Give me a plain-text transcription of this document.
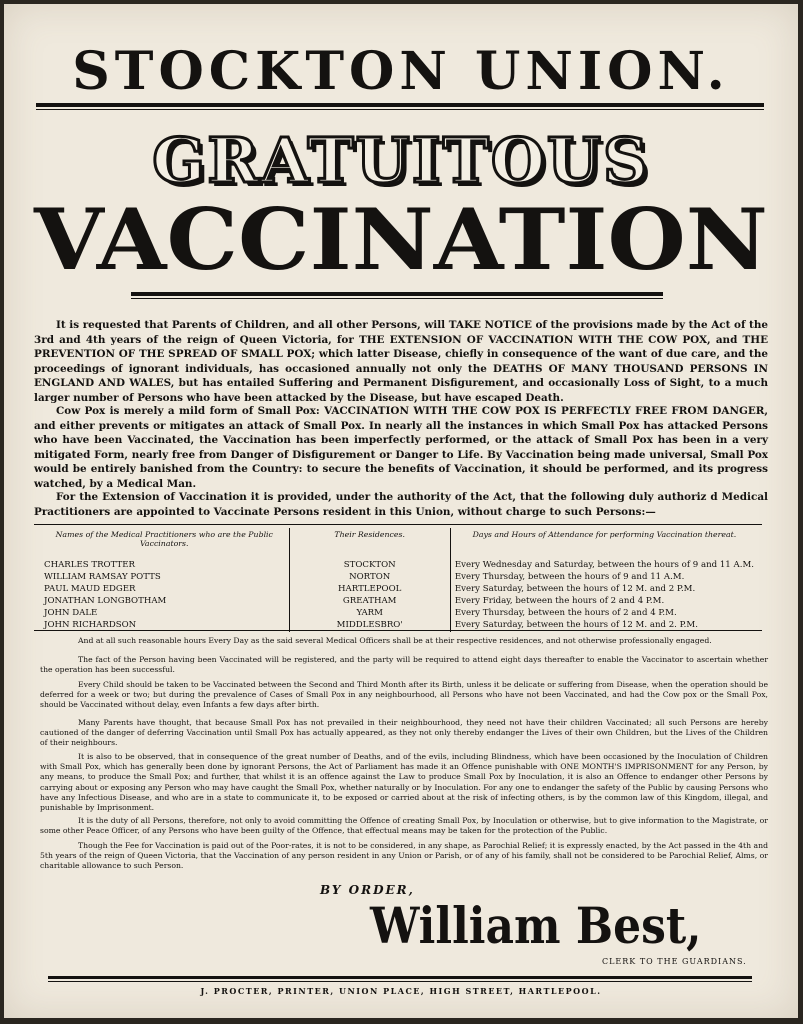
STOCKTON UNION.
GRATUITOUS
VACCINATION

It is requested that Parents of Children, and all other Persons, will TAKE NOTICE of the provisions made by the Act of the 3rd and 4th years of the reign of Queen Victoria, for THE EXTENSION OF VACCINATION WITH THE COW POX, and THE PREVENTION OF THE SPREAD OF SMALL POX; which latter Disease, chiefly in consequence of the want of due care, and the proceedings of ignorant individuals, has occasioned annually not only the DEATHS OF MANY THOUSAND PERSONS IN ENGLAND AND WALES, but has entailed Suffering and Permanent Disfigurement, and occasionally Loss of Sight, to a much larger number of Persons who have been attacked by the Disease, but have escaped Death.

Cow Pox is merely a mild form of Small Pox: VACCINATION WITH THE COW POX IS PERFECTLY FREE FROM DANGER, and either prevents or mitigates an attack of Small Pox. In nearly all the instances in which Small Pox has attacked Persons who have been Vaccinated, the Vaccination has been imperfectly performed, or the attack of Small Pox has been in a very mitigated Form, nearly free from Danger of Disfigurement or Danger to Life. By Vaccination being made universal, Small Pox would be entirely banished from the Country: to secure the benefits of Vaccination, it should be performed, and its progress watched, by a Medical Man.

For the Extension of Vaccination it is provided, under the authority of the Act, that the following duly authoriz d Medical Practitioners are appointed to Vaccinate Persons resident in this Union, without charge to such Persons:—

Names of the Medical Practitioners who are the Public Vaccinators.	Their Residences.	Days and Hours of Attendance for performing Vaccination thereat.
CHARLES TROTTER	STOCKTON	Every Wednesday and Saturday, between the hours of 9 and 11 A.M.
WILLIAM RAMSAY POTTS	NORTON	Every Thursday, between the hours of 9 and 11 A.M.
PAUL MAUD EDGER	HARTLEPOOL	Every Saturday, between the hours of 12 M. and 2 P.M.
JONATHAN LONGBOTHAM	GREATHAM	Every Friday, between the hours of 2 and 4 P.M.
JOHN DALE	YARM	Every Thursday, between the hours of 2 and 4 P.M.
JOHN RICHARDSON	MIDDLESBRO'	Every Saturday, between the hours of 12 M. and 2. P.M.

And at all such reasonable hours Every Day as the said several Medical Officers shall be at their respective residences, and not otherwise professionally engaged.

The fact of the Person having been Vaccinated will be registered, and the party will be required to attend eight days thereafter to enable the Vaccinator to ascertain whether the operation has been successful.

Every Child should be taken to be Vaccinated between the Second and Third Month after its Birth, unless it be delicate or suffering from Disease, when the operation should be deferred for a week or two; but during the prevalence of Cases of Small Pox in any neighbourhood, all Persons who have not been Vaccinated, and had the Cow pox or the Small Pox, should be Vaccinated without delay, even Infants a few days after birth.

Many Parents have thought, that because Small Pox has not prevailed in their neighbourhood, they need not have their children Vaccinated; all such Persons are hereby cautioned of the danger of deferring Vaccination until Small Pox has actually appeared, as they not only thereby endanger the Lives of their own Children, but the Lives of the Children of their neighbours.

It is also to be observed, that in consequence of the great number of Deaths, and of the evils, including Blindness, which have been occasioned by the Inoculation of Children with Small Pox, which has generally been done by ignorant Persons, the Act of Parliament has made it an Offence punishable with ONE MONTH'S IMPRISONMENT for any Person, by any means, to produce the Small Pox; and further, that whilst it is an offence against the Law to produce Small Pox by Inoculation, it is also an Offence to endanger other Persons by carrying about or exposing any Person who may have caught the Small Pox, whether naturally or by Inoculation. For any one to endanger the safety of the Public by causing Persons who have any Infectious Disease, and who are in a state to communicate it, to be exposed or carried about at the risk of infecting others, is by the common law of this Kingdom, illegal, and punishable by Imprisonment.

It is the duty of all Persons, therefore, not only to avoid committing the Offence of creating Small Pox, by Inoculation or otherwise, but to give information to the Magistrate, or some other Peace Officer, of any Persons who have been guilty of the Offence, that effectual means may be taken for the protection of the Public.

Though the Fee for Vaccination is paid out of the Poor-rates, it is not to be considered, in any shape, as Parochial Relief; it is expressly enacted, by the Act passed in the 4th and 5th years of the reign of Queen Victoria, that the Vaccination of any person resident in any Union or Parish, or of any of his family, shall not be considered to be Parochial Relief, Alms, or charitable allowance to such Person.

BY ORDER,
William Best,
CLERK TO THE GUARDIANS.
J. PROCTER, PRINTER, UNION PLACE, HIGH STREET, HARTLEPOOL.
